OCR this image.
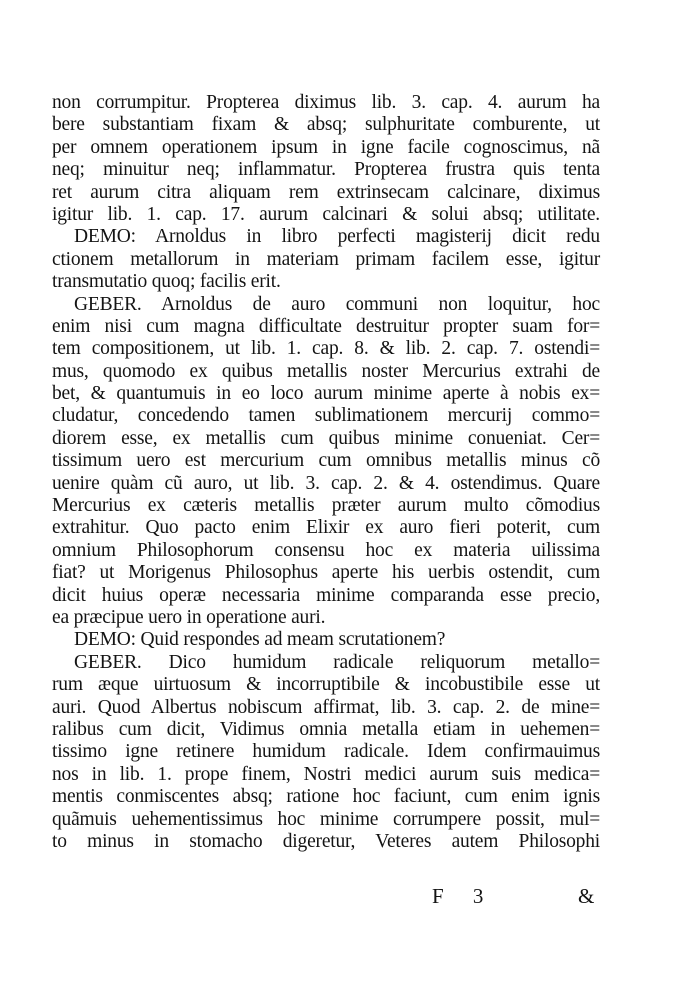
non corrumpitur. Propterea diximus lib. 3. cap. 4. aurum ha
bere substantiam fixam & absq; sulphuritate comburente, ut
per omnem operationem ipsum in igne facile cognoscimus, nã
neq; minuitur neq; inflammatur. Propterea frustra quis tenta
ret aurum citra aliquam rem extrinsecam calcinare, diximus
igitur lib. 1. cap. 17. aurum calcinari & solui absq; utilitate.
DEMO: Arnoldus in libro perfecti magisterij dicit redu
ctionem metallorum in materiam primam facilem esse, igitur
transmutatio quoq; facilis erit.
GEBER. Arnoldus de auro communi non loquitur, hoc
enim nisi cum magna difficultate destruitur propter suam for=
tem compositionem, ut lib. 1. cap. 8. & lib. 2. cap. 7. ostendi=
mus, quomodo ex quibus metallis noster Mercurius extrahi de
bet, & quantumuis in eo loco aurum minime aperte à nobis ex=
cludatur, concedendo tamen sublimationem mercurij commo=
diorem esse, ex metallis cum quibus minime conueniat. Cer=
tissimum uero est mercurium cum omnibus metallis minus cõ
uenire quàm cũ auro, ut lib. 3. cap. 2. & 4. ostendimus. Quare
Mercurius ex cæteris metallis præter aurum multo cõmodius
extrahitur. Quo pacto enim Elixir ex auro fieri poterit, cum
omnium Philosophorum consensu hoc ex materia uilissima
fiat? ut Morigenus Philosophus aperte his uerbis ostendit, cum
dicit huius operæ necessaria minime comparanda esse precio,
ea præcipue uero in operatione auri.
DEMO: Quid respondes ad meam scrutationem?
GEBER. Dico humidum radicale reliquorum metallo=
rum æque uirtuosum & incorruptibile & incobustibile esse ut
auri. Quod Albertus nobiscum affirmat, lib. 3. cap. 2. de mine=
ralibus cum dicit, Vidimus omnia metalla etiam in uehemen=
tissimo igne retinere humidum radicale. Idem confirmauimus
nos in lib. 1. prope finem, Nostri medici aurum suis medica=
mentis conmiscentes absq; ratione hoc faciunt, cum enim ignis
quãmuis uehementissimus hoc minime corrumpere possit, mul=
to minus in stomacho digeretur, Veteres autem Philosophi
F 3	&
